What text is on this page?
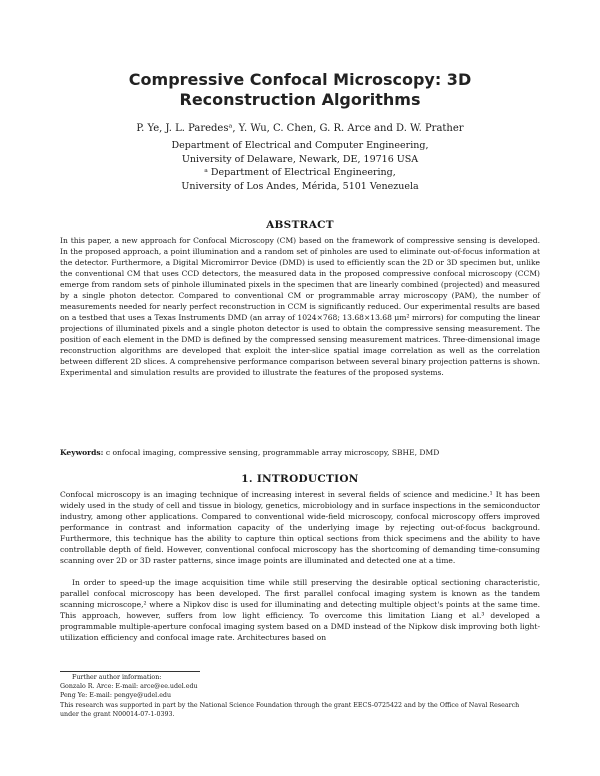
Compressive Confocal Microscopy: 3D Reconstruction Algorithms
P. Ye, J. L. Paredesᵃ, Y. Wu, C. Chen, G. R. Arce and D. W. Prather
Department of Electrical and Computer Engineering,
University of Delaware, Newark, DE, 19716 USA
ᵃ Department of Electrical Engineering,
University of Los Andes, Mérida, 5101 Venezuela
ABSTRACT
In this paper, a new approach for Confocal Microscopy (CM) based on the framework of compressive sensing is developed. In the proposed approach, a point illumination and a random set of pinholes are used to eliminate out-of-focus information at the detector. Furthermore, a Digital Micromirror Device (DMD) is used to efficiently scan the 2D or 3D specimen but, unlike the conventional CM that uses CCD detectors, the measured data in the proposed compressive confocal microscopy (CCM) emerge from random sets of pinhole illuminated pixels in the specimen that are linearly combined (projected) and measured by a single photon detector. Compared to conventional CM or programmable array microscopy (PAM), the number of measurements needed for nearly perfect reconstruction in CCM is significantly reduced. Our experimental results are based on a testbed that uses a Texas Instruments DMD (an array of 1024×768; 13.68×13.68 μm² mirrors) for computing the linear projections of illuminated pixels and a single photon detector is used to obtain the compressive sensing measurement. The position of each element in the DMD is defined by the compressed sensing measurement matrices. Three-dimensional image reconstruction algorithms are developed that exploit the inter-slice spatial image correlation as well as the correlation between different 2D slices. A comprehensive performance comparison between several binary projection patterns is shown. Experimental and simulation results are provided to illustrate the features of the proposed systems.
Keywords: c onfocal imaging, compressive sensing, programmable array microscopy, SBHE, DMD
1. INTRODUCTION
Confocal microscopy is an imaging technique of increasing interest in several fields of science and medicine.¹ It has been widely used in the study of cell and tissue in biology, genetics, microbiology and in surface inspections in the semiconductor industry, among other applications. Compared to conventional wide-field microscopy, confocal microscopy offers improved performance in contrast and information capacity of the underlying image by rejecting out-of-focus background. Furthermore, this technique has the ability to capture thin optical sections from thick specimens and the ability to have controllable depth of field. However, conventional confocal microscopy has the shortcoming of demanding time-consuming scanning over 2D or 3D raster patterns, since image points are illuminated and detected one at a time.
In order to speed-up the image acquisition time while still preserving the desirable optical sectioning characteristic, parallel confocal microscopy has been developed. The first parallel confocal imaging system is known as the tandem scanning microscope,² where a Nipkov disc is used for illuminating and detecting multiple object's points at the same time. This approach, however, suffers from low light efficiency. To overcome this limitation Liang et al.³ developed a programmable multiple-aperture confocal imaging system based on a DMD instead of the Nipkow disk improving both light-utilization efficiency and confocal image rate. Architectures based on
Further author information:
Gonzalo R. Arce: E-mail: arce@ee.udel.edu
Peng Ye: E-mail: pengye@udel.edu
This research was supported in part by the National Science Foundation through the grant EECS-0725422 and by the Office of Naval Research under the grant N00014-07-1-0393.
